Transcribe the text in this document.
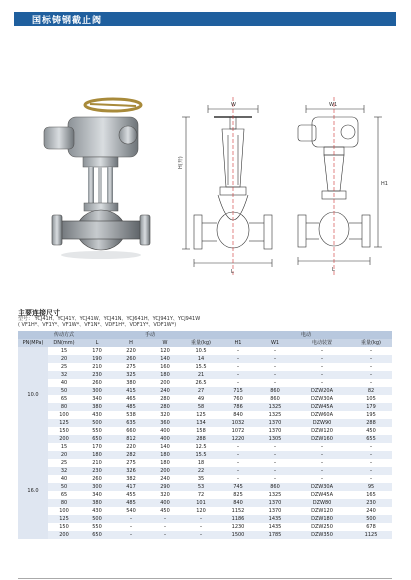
国标铸钢截止阀
W	W1
L	L
H(开)
H1
主要连接尺寸
型号： YCJ41H、YCJ41Y、YCJ41W、YCJ41N、YCJ641H、YCJ941Y、YCJ941W
( VF1H*、VF1Y*、VF1W*、VF1N*、VDF1H*、VDF1Y*、VDF1W*)
	传动方式	手动				电动			
PN(MPa)	DN(mm)	L	H	W	重量(kg)	H1	W1	电动装置	重量(kg)
10.0	15	170	220	120	10.5	–	–	–	–
	20	190	260	140	14	–	–	–	–
	25	210	275	160	15.5	–	–	–	–
	32	230	325	180	21	–	–	–	–
	40	260	380	200	26.5	–	–	–	–
	50	300	415	240	27	715	860	DZW20A	82
	65	340	465	280	49	760	860	DZW30A	105
	80	380	485	280	58	786	1325	DZW45A	179
	100	430	538	320	125	840	1325	DZW60A	195
	125	500	635	360	134	1032	1370	DZW90	288
	150	550	660	400	158	1072	1370	DZW120	450
	200	650	812	400	288	1220	1305	DZW160	655
16.0	15	170	220	140	12.5	–	–	–	–
	20	180	282	180	15.5	–	–	–	–
	25	210	275	180	18	–	–	–	–
	32	230	326	200	22	–	–	–	–
	40	260	382	240	35	–	–	–	–
	50	300	417	290	53	745	860	DZW30A	95
	65	340	455	320	72	825	1325	DZW45A	165
	80	380	485	400	101	840	1370	DZW80	230
	100	430	540	450	120	1152	1370	DZW120	240
	125	500	–	–	–	1186	1435	DZW180	500
	150	550	–	–	–	1230	1435	DZW250	678
	200	650	–	–	–	1500	1785	DZW350	1125
